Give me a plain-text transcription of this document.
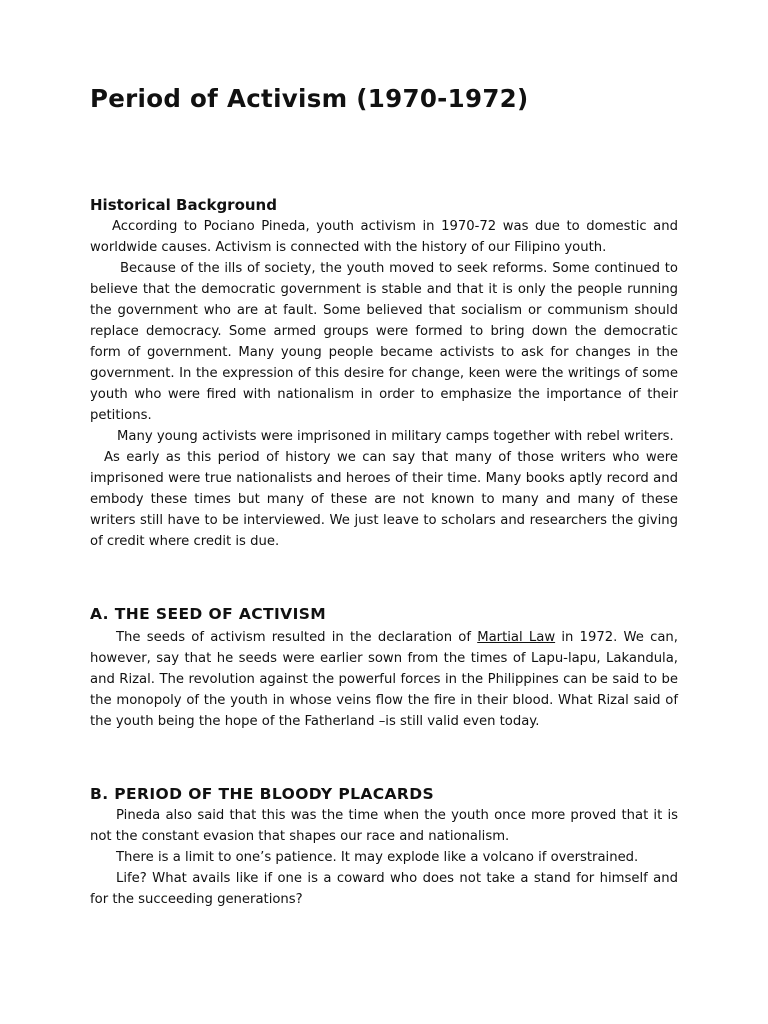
Period of Activism (1970-1972)
Historical Background

According to Pociano Pineda, youth activism in 1970-72 was due to domestic and worldwide causes. Activism is connected with the history of our Filipino youth.

Because of the ills of society, the youth moved to seek reforms. Some continued to believe that the democratic government is stable and that it is only the people running the government who are at fault. Some believed that socialism or communism should replace democracy. Some armed groups were formed to bring down the democratic form of government. Many young people became activists to ask for changes in the government. In the expression of this desire for change, keen were the writings of some youth who were fired with nationalism in order to emphasize the importance of their petitions.

Many young activists were imprisoned in military camps together with rebel writers.

As early as this period of history we can say that many of those writers who were imprisoned were true nationalists and heroes of their time. Many books aptly record and embody these times but many of these are not known to many and many of these writers still have to be interviewed. We just leave to scholars and researchers the giving of credit where credit is due.

A. THE SEED OF ACTIVISM

The seeds of activism resulted in the declaration of Martial Law in 1972. We can, however, say that he seeds were earlier sown from the times of Lapu-lapu, Lakandula, and Rizal. The revolution against the powerful forces in the Philippines can be said to be the monopoly of the youth in whose veins flow the fire in their blood. What Rizal said of the youth being the hope of the Fatherland –is still valid even today.

B. PERIOD OF THE BLOODY PLACARDS

Pineda also said that this was the time when the youth once more proved that it is not the constant evasion that shapes our race and nationalism.

There is a limit to one’s patience. It may explode like a volcano if overstrained.

Life? What avails like if one is a coward who does not take a stand for himself and for the succeeding generations?
